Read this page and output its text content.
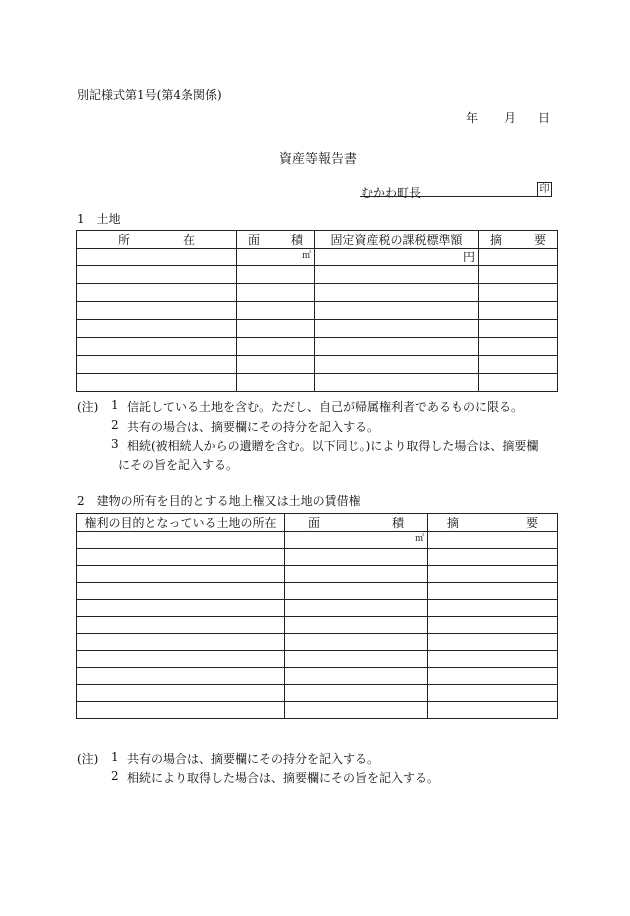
別記様式第1号(第4条関係)
年 月 日
資産等報告書
むかわ町長	印
1　土地
所 在	面 積	固定資産税の課税標準額	摘 要

	㎡	円	

(注) 1 信託している土地を含む。ただし、自己が帰属権利者であるものに限る。
2 共有の場合は、摘要欄にその持分を記入する。
3 相続(被相続人からの遺贈を含む。以下同じ。)により取得した場合は、摘要欄
にその旨を記入する。
2　建物の所有を目的とする地上権又は土地の賃借権
権利の目的となっている土地の所在	面 積	摘 要

	㎡	

(注) 1 共有の場合は、摘要欄にその持分を記入する。
2 相続により取得した場合は、摘要欄にその旨を記入する。
